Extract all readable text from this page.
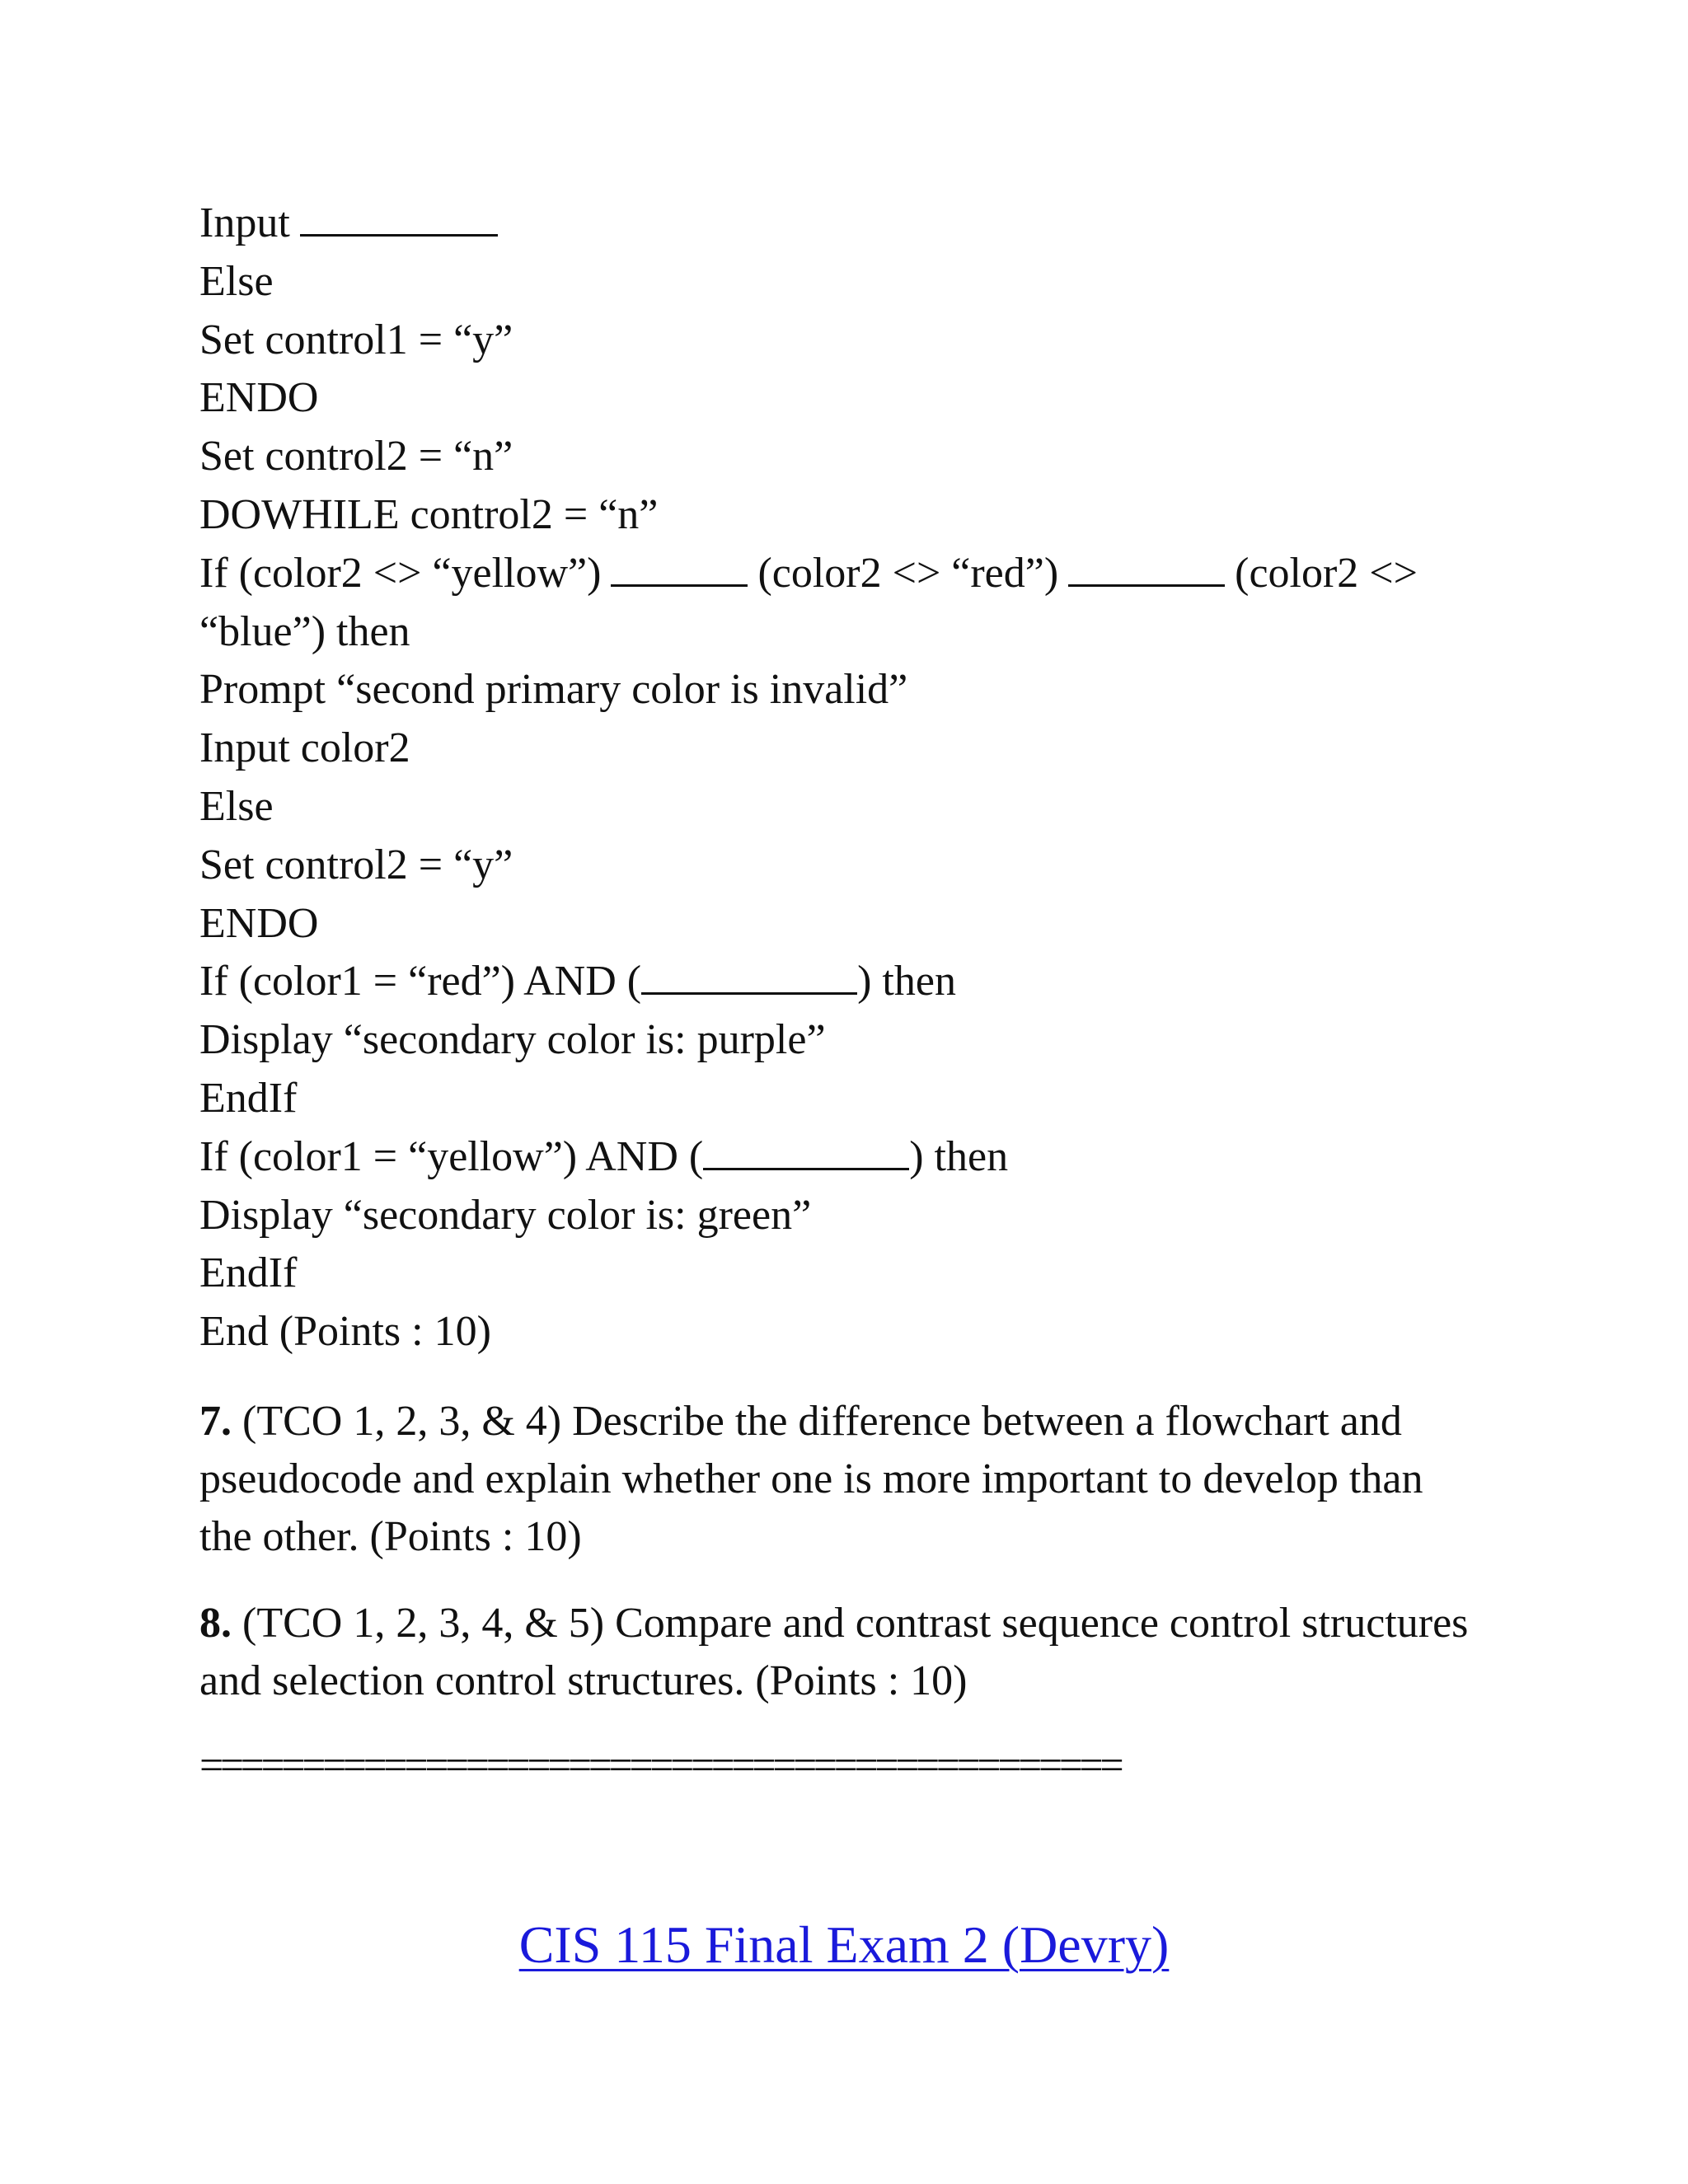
Input
Else
Set control1 = “y”
ENDO
Set control2 = “n”
DOWHILE control2 = “n”
If (color2 <> “yellow”)	(color2 <> “red”)	(color2 <>
“blue”) then
Prompt “second primary color is invalid”
Input color2
Else
Set control2 = “y”
ENDO
If (color1 = “red”) AND (	) then
Display “secondary color is: purple”
EndIf
If (color1 = “yellow”) AND (	) then
Display “secondary color is: green”
EndIf
End (Points : 10)
7. (TCO 1, 2, 3, & 4) Describe the difference between a flowchart and pseudocode and explain whether one is more important to develop than the other. (Points : 10)
8. (TCO 1, 2, 3, 4, & 5) Compare and contrast sequence control structures and selection control structures. (Points : 10)
=============================================
CIS 115 Final Exam 2 (Devry)
